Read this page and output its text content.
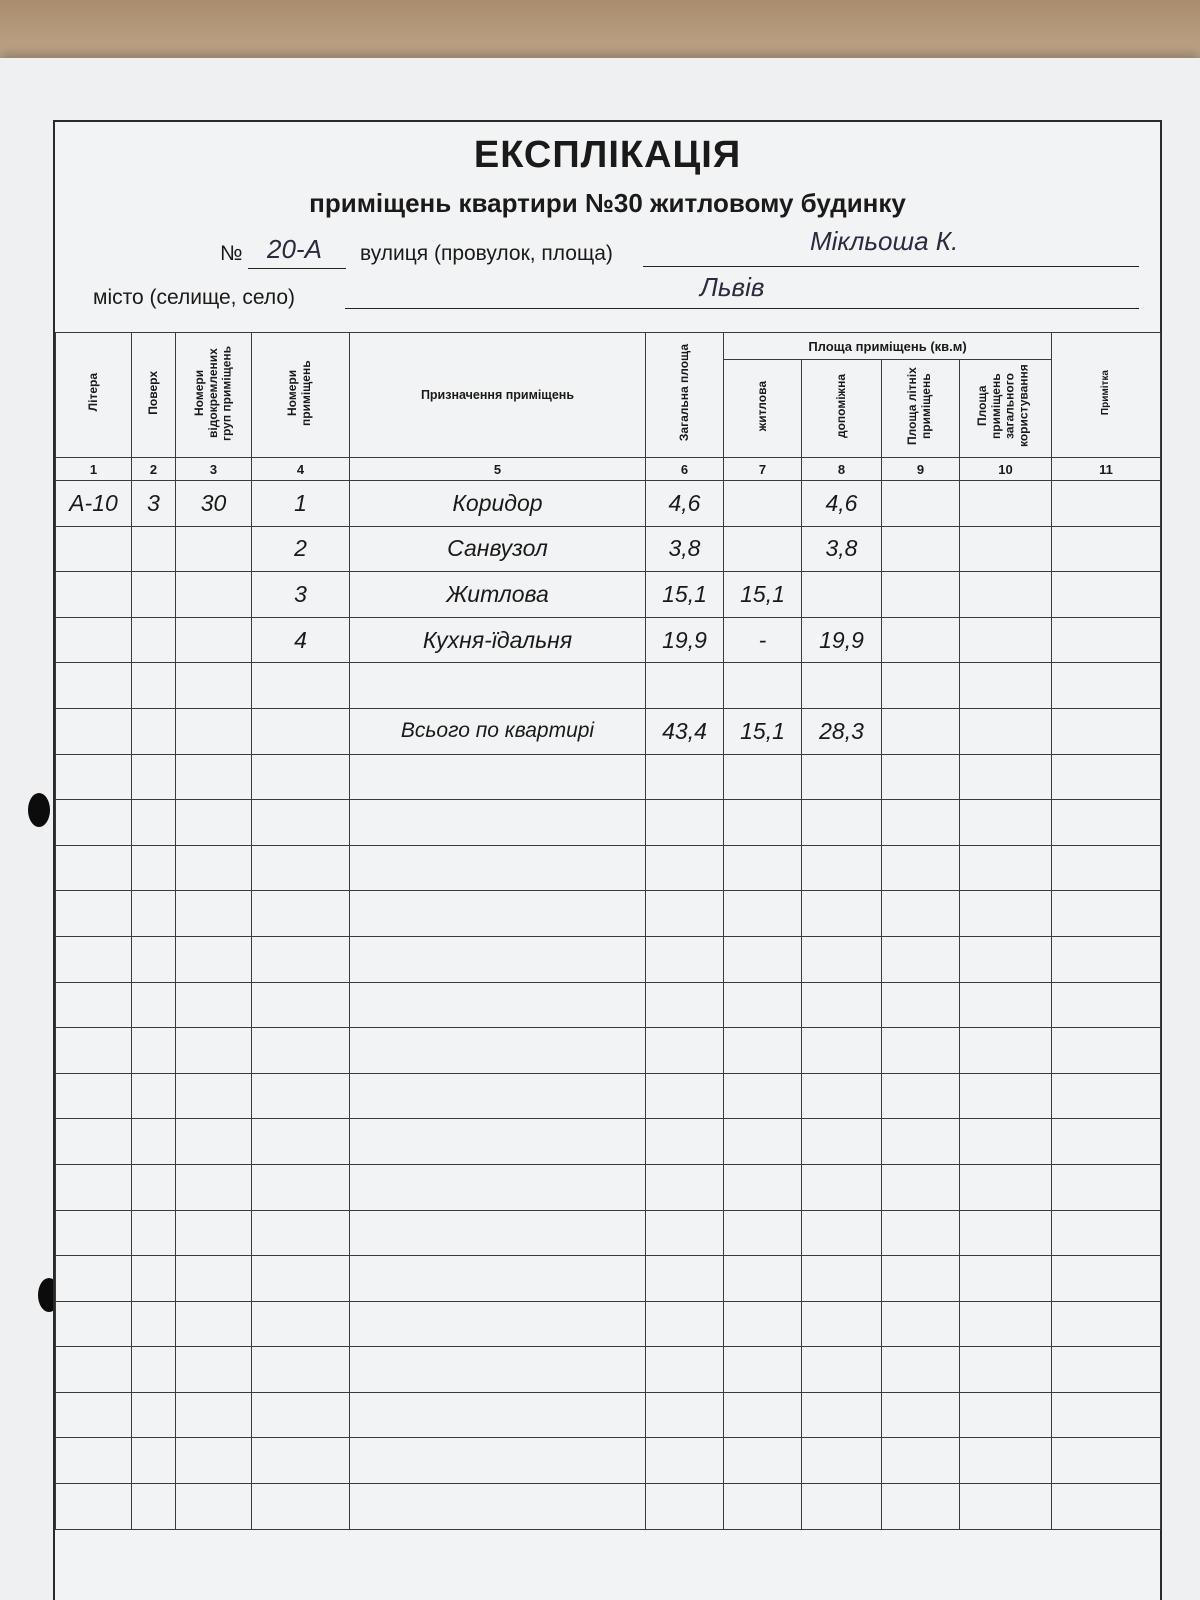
ЕКСПЛІКАЦІЯ
приміщень квартири №30 житловому будинку
№ 20-А вулиця (провулок, площа)	Мікльоша К.
місто (селище, село)	Львів
Літера	Поверх	Номери відокремлених груп приміщень	Номери приміщень	Призначення приміщень	Загальна площа	Площа приміщень (кв.м)				Примітка
						житлова	допоміжна	Площа літніх приміщень	Площа приміщень загального користування	
1	2	3	4	5	6	7	8	9	10	11
А-10	3	30	1	Коридор	4,6		4,6			
			2	Санвузол	3,8		3,8			
			3	Житлова	15,1	15,1				
			4	Кухня-їдальня	19,9	-	19,9			

				Всього по квартирі	43,4	15,1	28,3			
